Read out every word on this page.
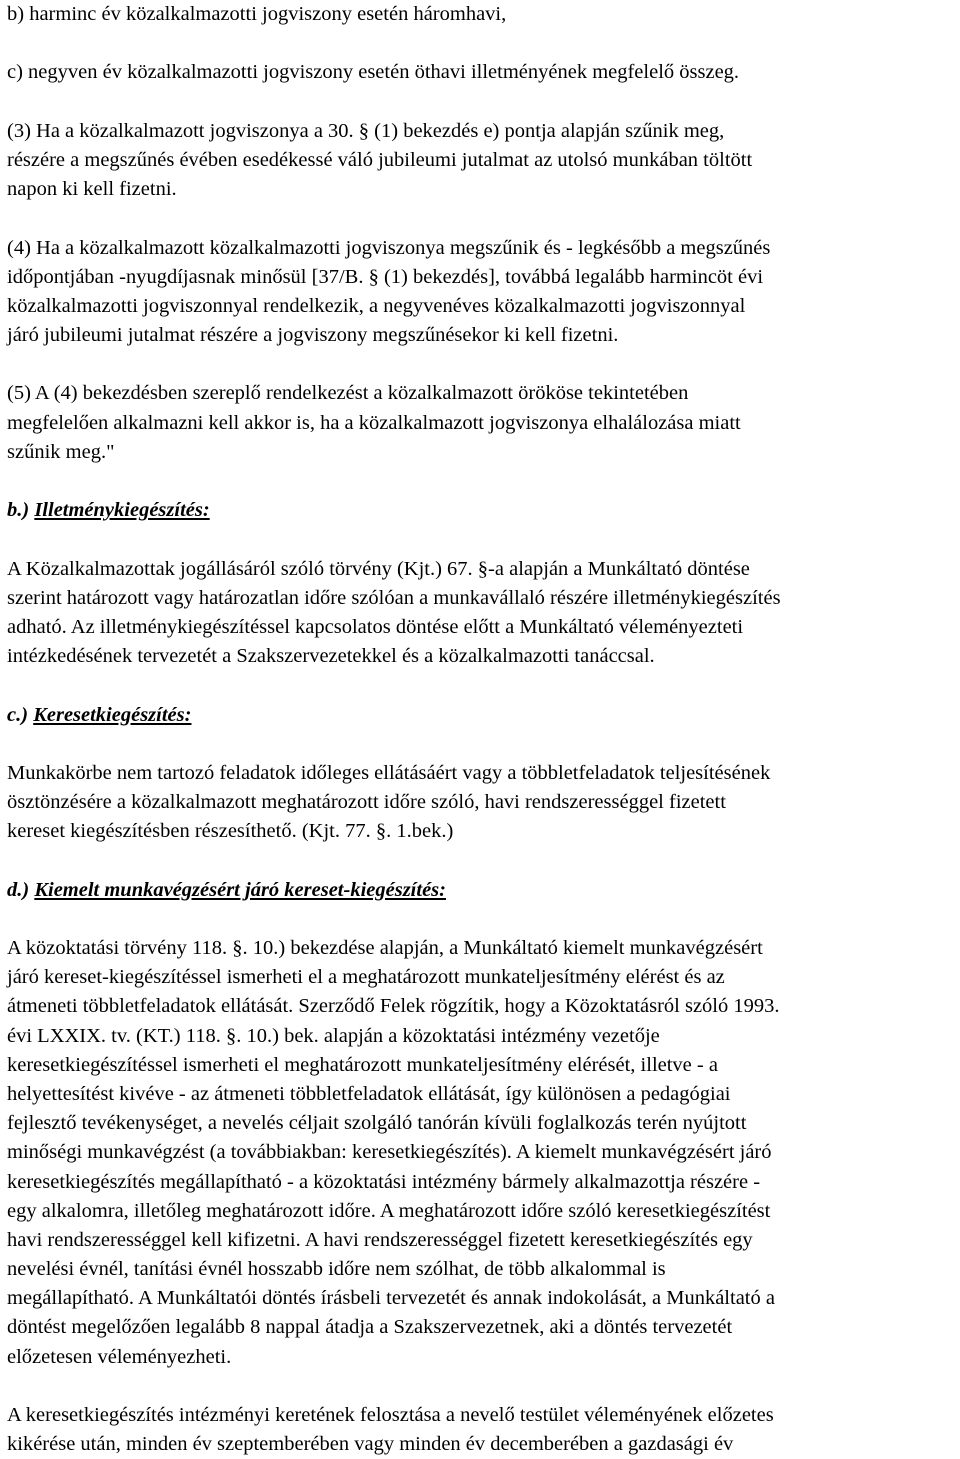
b) harminc év közalkalmazotti jogviszony esetén háromhavi,
c) negyven év közalkalmazotti jogviszony esetén öthavi illetményének megfelelő összeg.
(3) Ha a közalkalmazott jogviszonya a 30. § (1) bekezdés e) pontja alapján szűnik meg,
részére a megszűnés évében esedékessé váló jubileumi jutalmat az utolsó munkában töltött
napon ki kell fizetni.
(4) Ha a közalkalmazott közalkalmazotti jogviszonya megszűnik és - legkésőbb a megszűnés
időpontjában -nyugdíjasnak minősül [37/B. § (1) bekezdés], továbbá legalább harmincöt évi
közalkalmazotti jogviszonnyal rendelkezik, a negyvenéves közalkalmazotti jogviszonnyal
járó jubileumi jutalmat részére a jogviszony megszűnésekor ki kell fizetni.
(5) A (4) bekezdésben szereplő rendelkezést a közalkalmazott örököse tekintetében
megfelelően alkalmazni kell akkor is, ha a közalkalmazott jogviszonya elhalálozása miatt
szűnik meg."
b.) Illetménykiegészítés:
A Közalkalmazottak jogállásáról szóló törvény (Kjt.) 67. §-a alapján a Munkáltató döntése
szerint határozott vagy határozatlan időre szólóan a munkavállaló részére illetménykiegészítés
adható. Az illetménykiegészítéssel kapcsolatos döntése előtt a Munkáltató véleményezteti
intézkedésének tervezetét a Szakszervezetekkel és a közalkalmazotti tanáccsal.
c.) Keresetkiegészítés:
Munkakörbe nem tartozó feladatok időleges ellátásáért vagy a többletfeladatok teljesítésének
ösztönzésére a közalkalmazott meghatározott időre szóló, havi rendszerességgel fizetett
kereset kiegészítésben részesíthető. (Kjt. 77. §. 1.bek.)
d.) Kiemelt munkavégzésért járó kereset-kiegészítés:
A közoktatási törvény 118. §. 10.) bekezdése alapján, a Munkáltató kiemelt munkavégzésért
járó kereset-kiegészítéssel ismerheti el a meghatározott munkateljesítmény elérést és az
átmeneti többletfeladatok ellátását. Szerződő Felek rögzítik, hogy a Közoktatásról szóló 1993.
évi LXXIX. tv. (KT.) 118. §. 10.) bek. alapján a közoktatási intézmény vezetője
keresetkiegészítéssel ismerheti el meghatározott munkateljesítmény elérését, illetve - a
helyettesítést kivéve - az átmeneti többletfeladatok ellátását, így különösen a pedagógiai
fejlesztő tevékenységet, a nevelés céljait szolgáló tanórán kívüli foglalkozás terén nyújtott
minőségi munkavégzést (a továbbiakban: keresetkiegészítés). A kiemelt munkavégzésért járó
keresetkiegészítés megállapítható - a közoktatási intézmény bármely alkalmazottja részére -
egy alkalomra, illetőleg meghatározott időre. A meghatározott időre szóló keresetkiegészítést
havi rendszerességgel kell kifizetni. A havi rendszerességgel fizetett keresetkiegészítés egy
nevelési évnél, tanítási évnél hosszabb időre nem szólhat, de több alkalommal is
megállapítható. A Munkáltatói döntés írásbeli tervezetét és annak indokolását, a Munkáltató a
döntést megelőzően legalább 8 nappal átadja a Szakszervezetnek, aki a döntés tervezetét
előzetesen véleményezheti.
A keresetkiegészítés intézményi keretének felosztása a nevelő testület véleményének előzetes
kikérése után, minden év szeptemberében vagy minden év decemberében a gazdasági év
